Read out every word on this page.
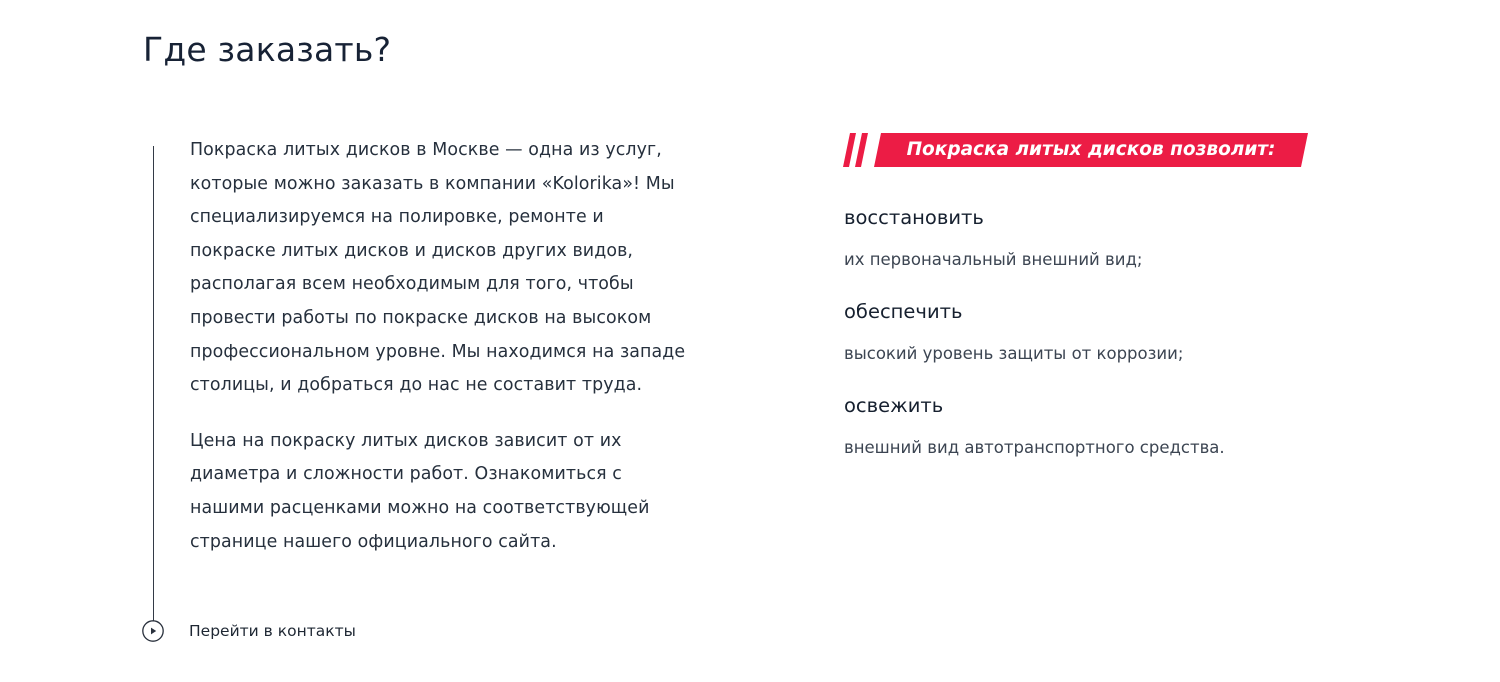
Где заказать?

Покраска литых дисков в Москве — одна из услуг, которые можно заказать в компании «Kolorika»! Мы специализируемся на полировке, ремонте и покраске литых дисков и дисков других видов, располагая всем необходимым для того, чтобы провести работы по покраске дисков на высоком профессиональном уровне. Мы находимся на западе столицы, и добраться до нас не составит труда.

Цена на покраску литых дисков зависит от их диаметра и сложности работ. Ознакомиться с нашими расценками можно на соответствующей странице нашего официального сайта.

Перейти в контакты
Покраска литых дисков позволит:
восстановить
их первоначальный внешний вид;
обеспечить
высокий уровень защиты от коррозии;
освежить
внешний вид автотранспортного средства.
